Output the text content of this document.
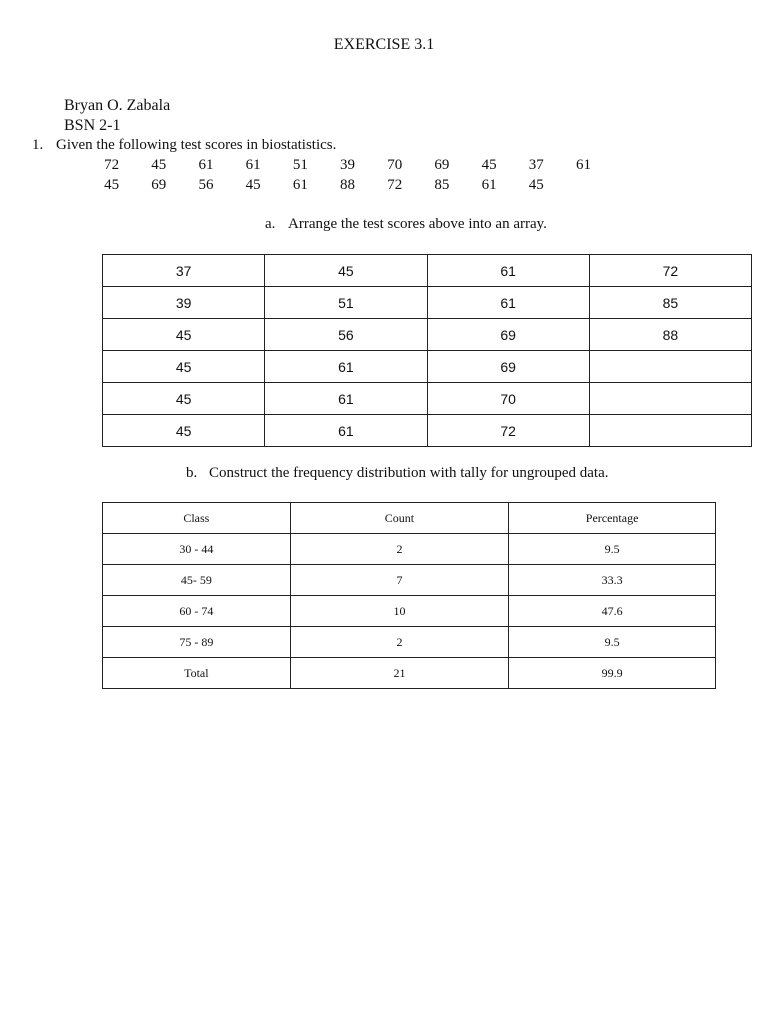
EXERCISE 3.1
Bryan O. Zabala
BSN 2-1
1. Given the following test scores in biostatistics.
72	45	61	61	51	39	70	69	45	37	61
45	69	56	45	61	88	72	85	61	45
a. Arrange the test scores above into an array.
37	45	61	72
39	51	61	85
45	56	69	88
45	61	69	
45	61	70	
45	61	72	
b. Construct the frequency distribution with tally for ungrouped data.
Class	Count	Percentage
30 - 44	2	9.5
45- 59	7	33.3
60 - 74	10	47.6
75 - 89	2	9.5
Total	21	99.9
